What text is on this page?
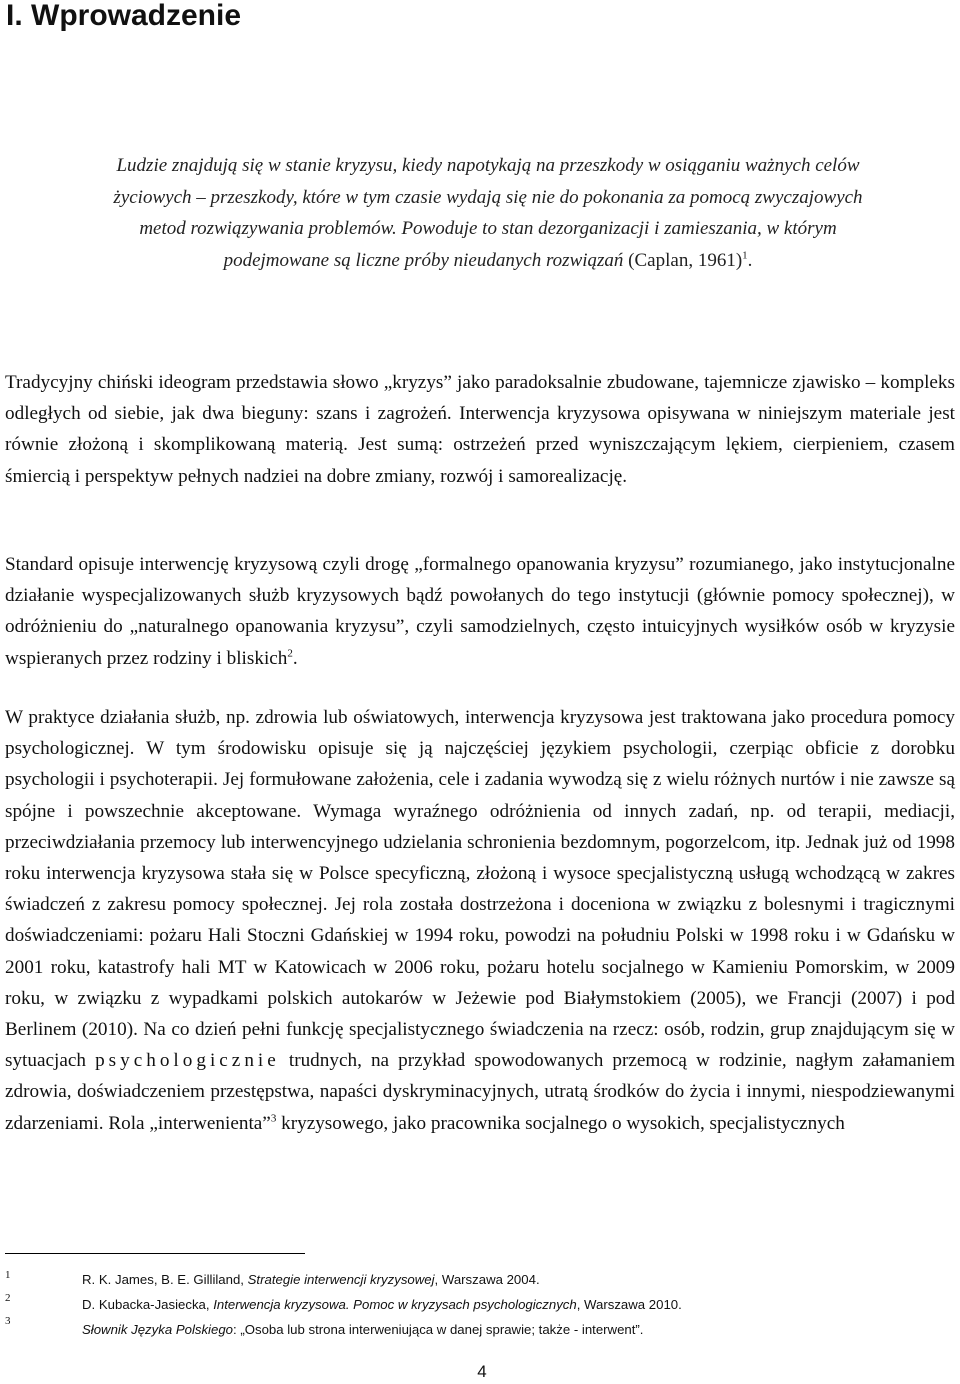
I. Wprowadzenie
Ludzie znajdują się w stanie kryzysu, kiedy napotykają na przeszkody w osiąganiu ważnych celów życiowych – przeszkody, które w tym czasie wydają się nie do pokonania za pomocą zwyczajowych metod rozwiązywania problemów. Powoduje to stan dezorganizacji i zamieszania, w którym podejmowane są liczne próby nieudanych rozwiązań (Caplan, 1961)$^1$.

Tradycyjny chiński ideogram przedstawia słowo „kryzys” jako paradoksalnie zbudowane, tajemnicze zjawisko – kompleks odległych od siebie, jak dwa bieguny: szans i zagrożeń. Interwencja kryzysowa opisywana w niniejszym materiale jest równie złożoną i skomplikowaną materią. Jest sumą: ostrzeżeń przed wyniszczającym lękiem, cierpieniem, czasem śmiercią i perspektyw pełnych nadziei na dobre zmiany, rozwój i samorealizację.

Standard opisuje interwencję kryzysową czyli drogę „formalnego opanowania kryzysu” rozumianego, jako instytucjonalne działanie wyspecjalizowanych służb kryzysowych bądź powołanych do tego instytucji (głównie pomocy społecznej), w odróżnieniu do „naturalnego opanowania kryzysu”, czyli samodzielnych, często intuicyjnych wysiłków osób w kryzysie wspieranych przez rodziny i bliskich$^2$.

W praktyce działania służb, np. zdrowia lub oświatowych, interwencja kryzysowa jest traktowana jako procedura pomocy psychologicznej. W tym środowisku opisuje się ją najczęściej językiem psychologii, czerpiąc obficie z dorobku psychologii i psychoterapii. Jej formułowane założenia, cele i zadania wywodzą się z wielu różnych nurtów i nie zawsze są spójne i powszechnie akceptowane. Wymaga wyraźnego odróżnienia od innych zadań, np. od terapii, mediacji, przeciwdziałania przemocy lub interwencyjnego udzielania schronienia bezdomnym, pogorzelcom, itp. Jednak już od 1998 roku interwencja kryzysowa stała się w Polsce specyficzną, złożoną i wysoce specjalistyczną usługą wchodzącą w zakres świadczeń z zakresu pomocy społecznej. Jej rola została dostrzeżona i doceniona w związku z bolesnymi i tragicznymi doświadczeniami: pożaru Hali Stoczni Gdańskiej w 1994 roku, powodzi na południu Polski w 1998 roku i w Gdańsku w 2001 roku, katastrofy hali MT w Katowicach w 2006 roku, pożaru hotelu socjalnego w Kamieniu Pomorskim, w 2009 roku, w związku z wypadkami polskich autokarów w Jeżewie pod Białymstokiem (2005), we Francji (2007) i pod Berlinem (2010). Na co dzień pełni funkcję specjalistycznego świadczenia na rzecz: osób, rodzin, grup znajdującym się w sytuacjach psychologicznie trudnych, na przykład spowodowanych przemocą w rodzinie, nagłym załamaniem zdrowia, doświadczeniem przestępstwa, napaści dyskryminacyjnych, utratą środków do życia i innymi, niespodziewanymi zdarzeniami. Rola „interwenienta”$^3$ kryzysowego, jako pracownika socjalnego o wysokich, specjalistycznych

1	R. K. James, B. E. Gilliland, Strategie interwencji kryzysowej, Warszawa 2004.
2	D. Kubacka-Jasiecka, Interwencja kryzysowa. Pomoc w kryzysach psychologicznych, Warszawa 2010.
3
Słownik Języka Polskiego: „Osoba lub strona interweniująca w danej sprawie; także - interwent”.
4
